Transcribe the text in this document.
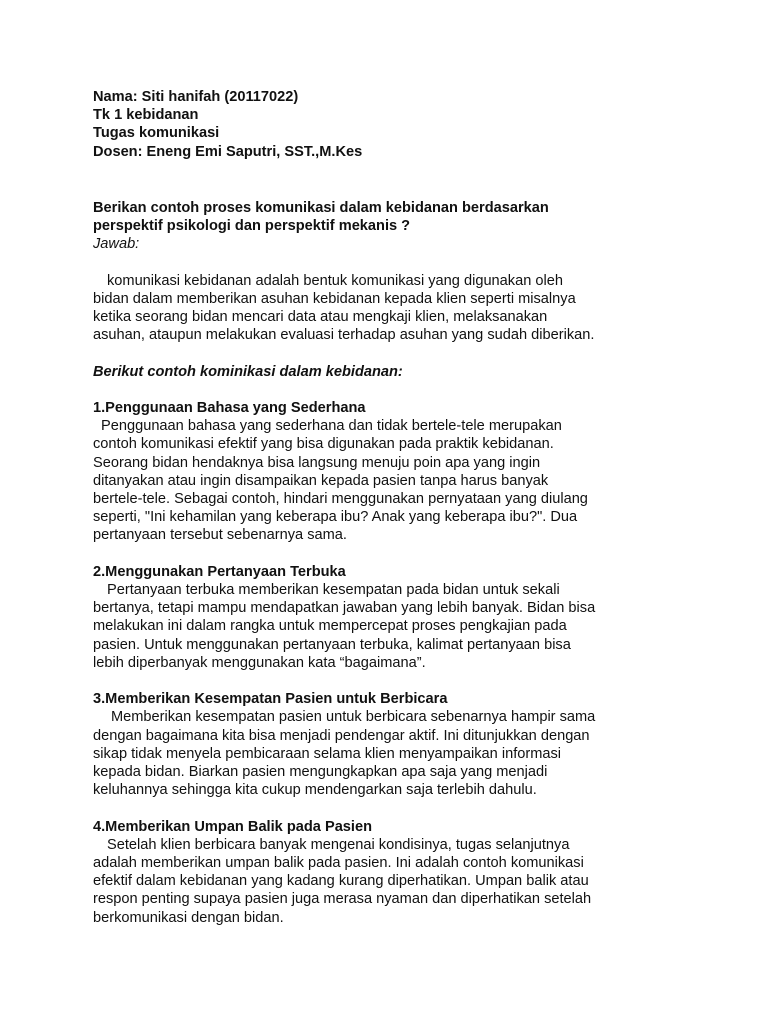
Nama: Siti hanifah (20117022)

Tk 1 kebidanan

Tugas komunikasi

Dosen: Eneng Emi Saputri, SST.,M.Kes

Berikan contoh proses komunikasi dalam kebidanan berdasarkan

perspektif psikologi dan perspektif mekanis ?

Jawab:

komunikasi kebidanan adalah bentuk komunikasi yang digunakan oleh

bidan dalam memberikan asuhan kebidanan kepada klien seperti misalnya

ketika seorang bidan mencari data atau mengkaji klien, melaksanakan

asuhan, ataupun melakukan evaluasi terhadap asuhan yang sudah diberikan.

Berikut contoh kominikasi dalam kebidanan:

1.Penggunaan Bahasa yang Sederhana

Penggunaan bahasa yang sederhana dan tidak bertele-tele merupakan

contoh komunikasi efektif yang bisa digunakan pada praktik kebidanan.

Seorang bidan hendaknya bisa langsung menuju poin apa yang ingin

ditanyakan atau ingin disampaikan kepada pasien tanpa harus banyak

bertele-tele. Sebagai contoh, hindari menggunakan pernyataan yang diulang

seperti, "Ini kehamilan yang keberapa ibu? Anak yang keberapa ibu?". Dua

pertanyaan tersebut sebenarnya sama.

2.Menggunakan Pertanyaan Terbuka

Pertanyaan terbuka memberikan kesempatan pada bidan untuk sekali

bertanya, tetapi mampu mendapatkan jawaban yang lebih banyak. Bidan bisa

melakukan ini dalam rangka untuk mempercepat proses pengkajian pada

pasien. Untuk menggunakan pertanyaan terbuka, kalimat pertanyaan bisa

lebih diperbanyak menggunakan kata “bagaimana”.

3.Memberikan Kesempatan Pasien untuk Berbicara

Memberikan kesempatan pasien untuk berbicara sebenarnya hampir sama

dengan bagaimana kita bisa menjadi pendengar aktif. Ini ditunjukkan dengan

sikap tidak menyela pembicaraan selama klien menyampaikan informasi

kepada bidan. Biarkan pasien mengungkapkan apa saja yang menjadi

keluhannya sehingga kita cukup mendengarkan saja terlebih dahulu.

4.Memberikan Umpan Balik pada Pasien

Setelah klien berbicara banyak mengenai kondisinya, tugas selanjutnya

adalah memberikan umpan balik pada pasien. Ini adalah contoh komunikasi

efektif dalam kebidanan yang kadang kurang diperhatikan. Umpan balik atau

respon penting supaya pasien juga merasa nyaman dan diperhatikan setelah

berkomunikasi dengan bidan.
